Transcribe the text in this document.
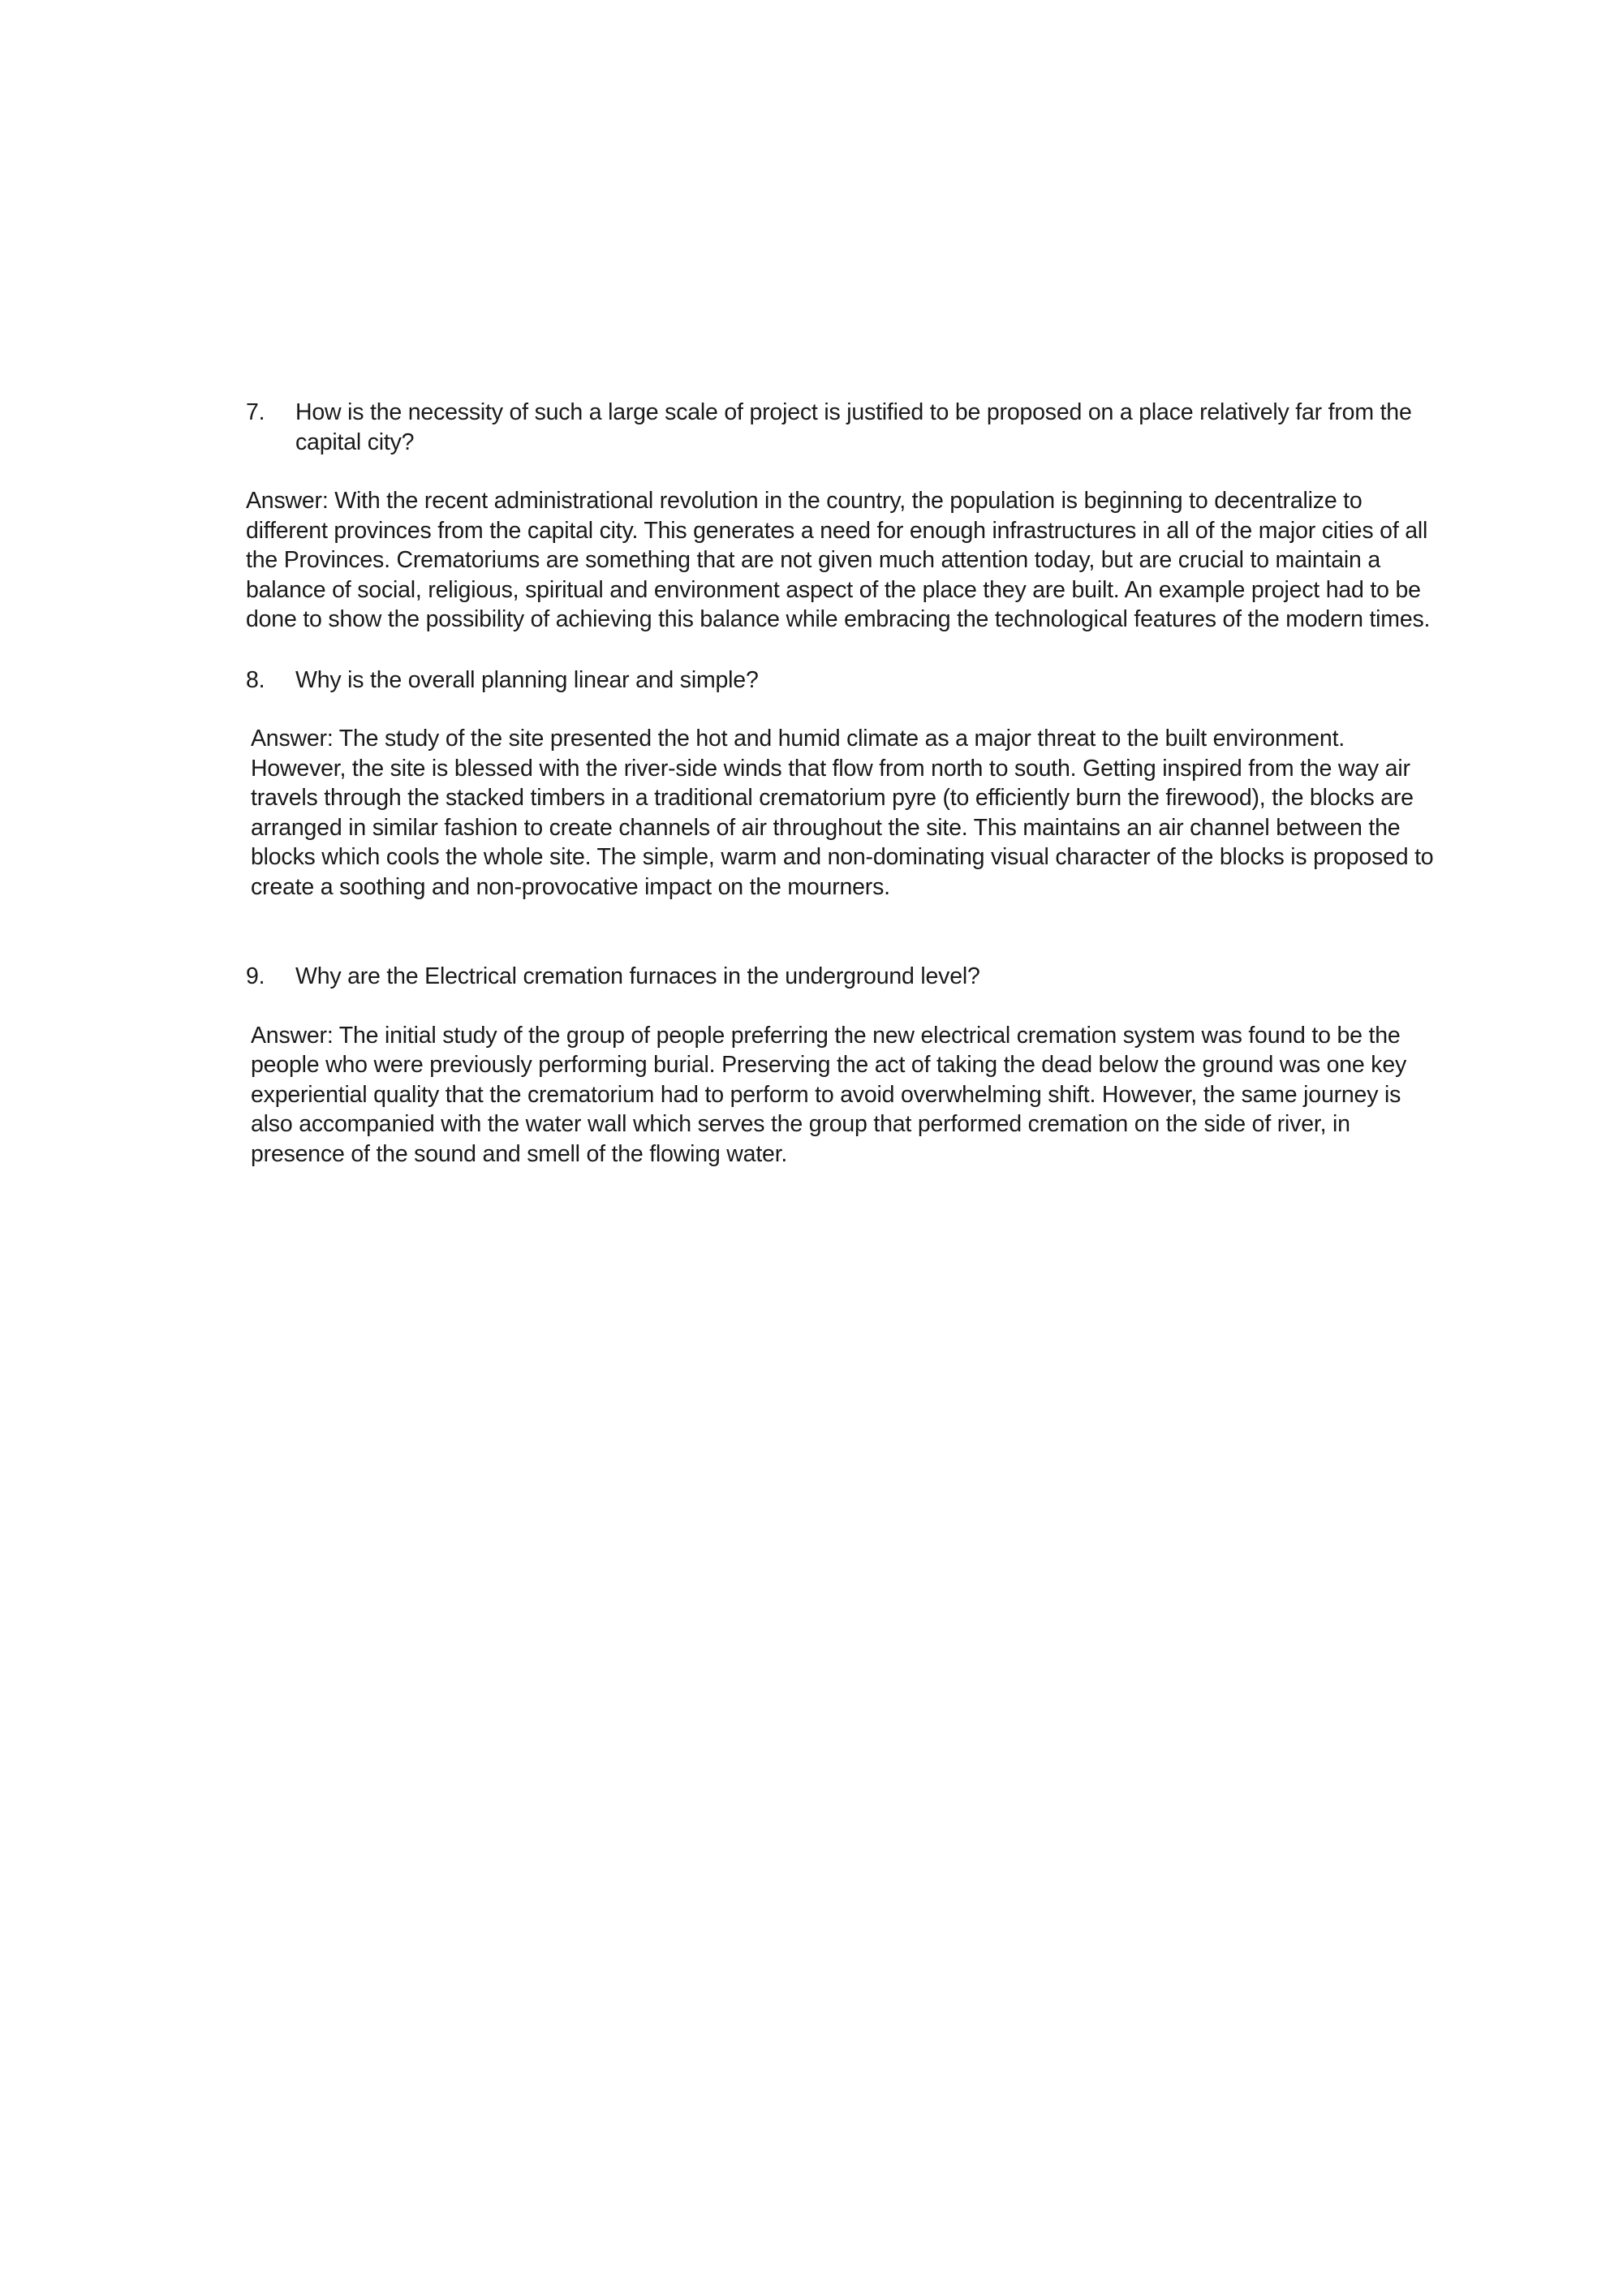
7.	How is the necessity of such a large scale of project is justified to be proposed on a place relatively far from the capital city?

Answer: With the recent administrational revolution in the country, the population is beginning to decentralize to different provinces from the capital city. This generates a need for enough infrastructures in all of the major cities of all the Provinces. Crematoriums are something that are not given much attention today, but are crucial to maintain a balance of social, religious, spiritual and environment aspect of the place they are built. An example project had to be done to show the possibility of achieving this balance while embracing the technological features of the modern times.

8.	Why is the overall planning linear and simple?

Answer: The study of the site presented the hot and humid climate as a major threat to the built environment. However, the site is blessed with the river-side winds that flow from north to south. Getting inspired from the way air travels through the stacked timbers in a traditional crematorium pyre (to efficiently burn the firewood), the blocks are arranged in similar fashion to create channels of air throughout the site. This maintains an air channel between the blocks which cools the whole site. The simple, warm and non-dominating visual character of the blocks is proposed to create a soothing and non-provocative impact on the mourners.

9.	Why are the Electrical cremation furnaces in the underground level?

Answer: The initial study of the group of people preferring the new electrical cremation system was found to be the people who were previously performing burial. Preserving the act of taking the dead below the ground was one key experiential quality that the crematorium had to perform to avoid overwhelming shift. However, the same journey is also accompanied with the water wall which serves the group that performed cremation on the side of river, in presence of the sound and smell of the flowing water.
